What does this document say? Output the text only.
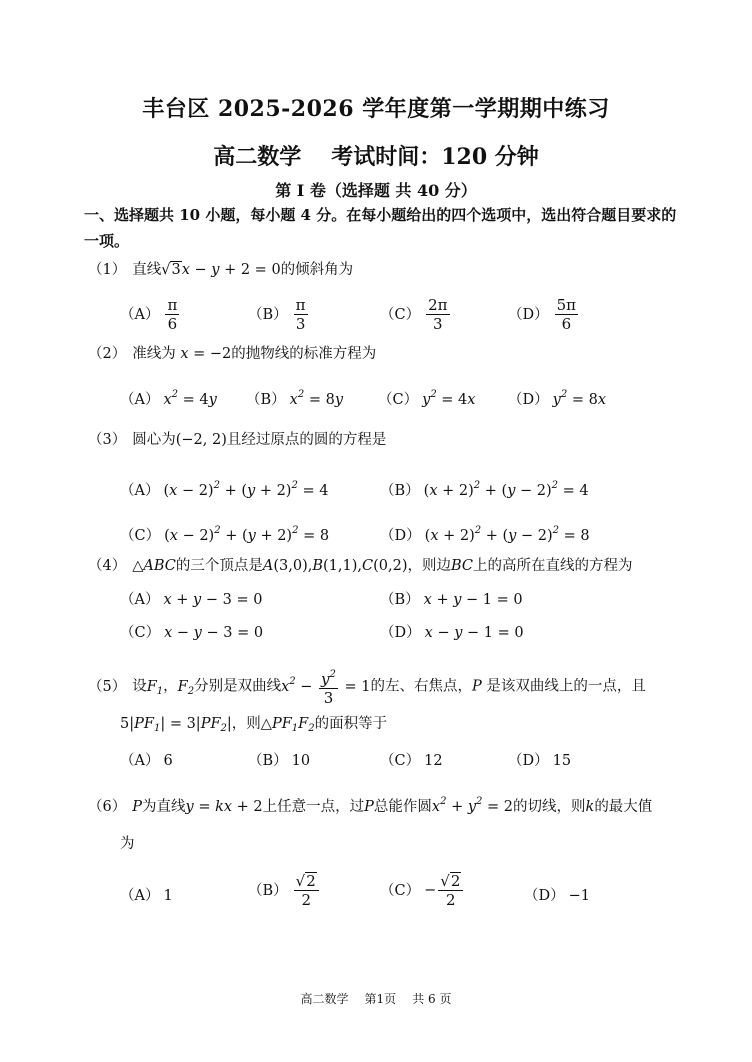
丰台区 2025-2026 学年度第一学期期中练习
高二数学 考试时间：120 分钟
第 I 卷（选择题 共 40 分）
一、选择题共 10 小题，每小题 4 分。在每小题给出的四个选项中，选出符合题目要求的一项。
（1） 直线√3x − y + 2 = 0的倾斜角为
$(A) \frac{\pi}{6}$	$(B) \frac{\pi}{3}$	$(C) \frac{2\pi}{3}$	$(D) \frac{5\pi}{6}$
（2） 准线为 x = −2的抛物线的标准方程为
（A） $x^2 = 4y$ （B） $x^2 = 8y$ （C） $y^2 = 4x$ （D） $y^2 = 8x$
（3） 圆心为(−2, 2)且经过原点的圆的方程是
（A） $(x - 2)^2 + (y + 2)^2 = 4$	（B） $(x + 2)^2 + (y - 2)^2 = 4$
（C） $(x - 2)^2 + (y + 2)^2 = 8$	（D） $(x + 2)^2 + (y - 2)^2 = 8$
（4） △ABC的三个顶点是A(3,0),B(1,1),C(0,2)，则边BC上的高所在直线的方程为
（A） x + y − 3 = 0	（B） x + y − 1 = 0
（C） x − y − 3 = 0	（D） x − y − 1 = 0
（5） 设$F_1$，$F_2$分别是双曲线$x^2 - \frac{y^2}{3} = 1$的左、右焦点，P 是该双曲线上的一点，且
$5|PF_1| = 3|PF_2|$，则$\triangle PF_1F_2$的面积等于
（A） 6	（B） 10	（C） 12	（D） 15
（6） P为直线y = kx + 2上任意一点，过P总能作圆$x^2 + y^2 = 2$的切线，则k的最大值
为
（A） 1	$(B) \frac{√2}{2}$	$(C) - \frac{√2}{2}$	（D） −1
高二数学 第1页 共 6 页
